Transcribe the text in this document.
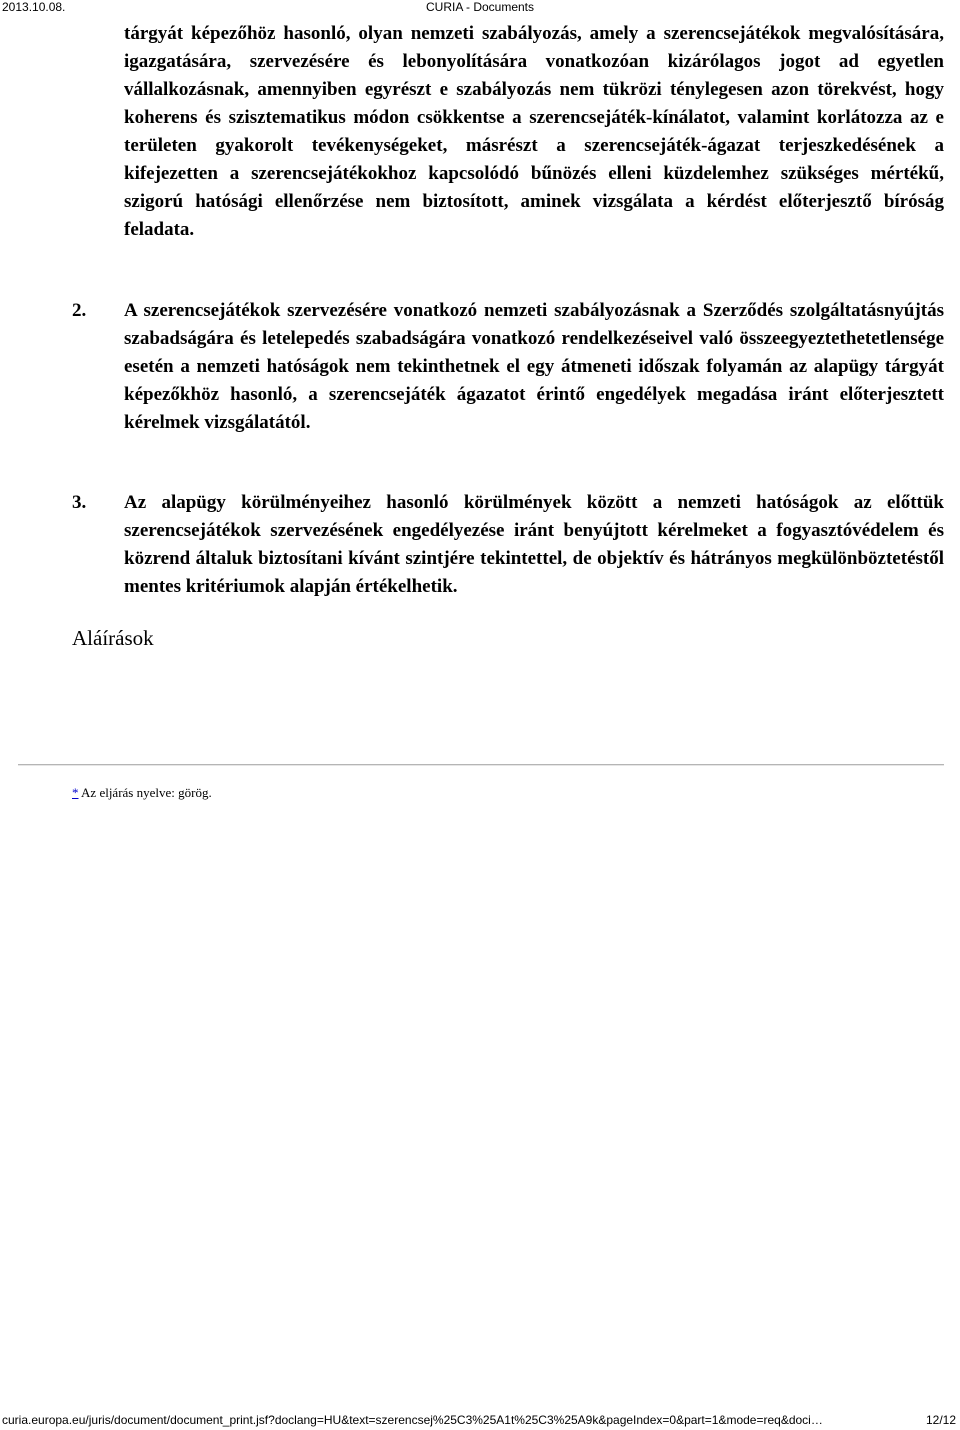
2013.10.08.	CURIA - Documents
tárgyát képezőhöz hasonló, olyan nemzeti szabályozás, amely a szerencsejátékok megvalósítására, igazgatására, szervezésére és lebonyolítására vonatkozóan kizárólagos jogot ad egyetlen vállalkozásnak, amennyiben egyrészt e szabályozás nem tükrözi ténylegesen azon törekvést, hogy koherens és szisztematikus módon csökkentse a szerencsejáték‑kínálatot, valamint korlátozza az e területen gyakorolt tevékenységeket, másrészt a szerencsejáték‑ágazat terjeszkedésének a kifejezetten a szerencsejátékokhoz kapcsolódó bűnözés elleni küzdelemhez szükséges mértékű, szigorú hatósági ellenőrzése nem biztosított, aminek vizsgálata a kérdést előterjesztő bíróság feladata.
2.	A szerencsejátékok szervezésére vonatkozó nemzeti szabályozásnak a Szerződés szolgáltatásnyújtás szabadságára és letelepedés szabadságára vonatkozó rendelkezéseivel való összeegyeztethetetlensége esetén a nemzeti hatóságok nem tekinthetnek el egy átmeneti időszak folyamán az alapügy tárgyát képezőkhöz hasonló, a szerencsejáték ágazatot érintő engedélyek megadása iránt előterjesztett kérelmek vizsgálatától.
3.	Az alapügy körülményeihez hasonló körülmények között a nemzeti hatóságok az előttük szerencsejátékok szervezésének engedélyezése iránt benyújtott kérelmeket a fogyasztóvédelem és közrend általuk biztosítani kívánt szintjére tekintettel, de objektív és hátrányos megkülönböztetéstől mentes kritériumok alapján értékelhetik.
Aláírások
* Az eljárás nyelve: görög.
curia.europa.eu/juris/document/document_print.jsf?doclang=HU&text=szerencsej%25C3%25A1t%25C3%25A9k&pageIndex=0&part=1&mode=req&doci…	12/12
